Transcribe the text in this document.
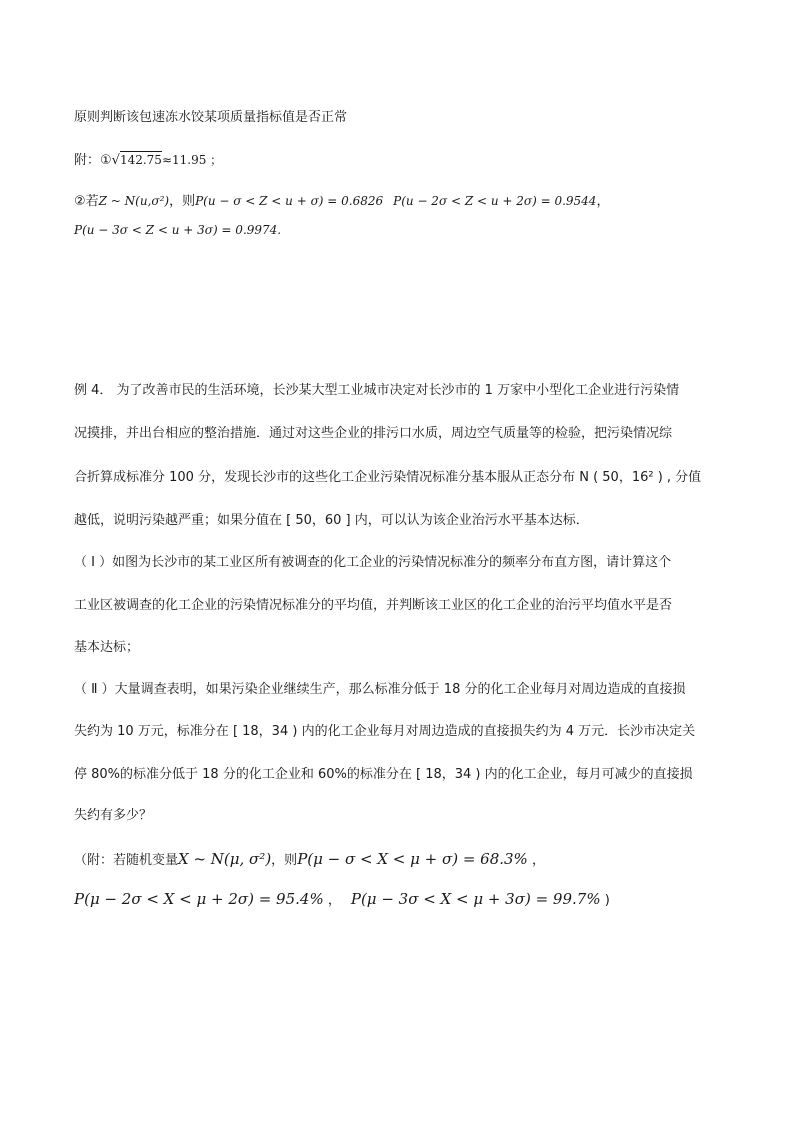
原则判断该包速冻水饺某项质量指标值是否正常
附：①√142.75≈11.95 ；
②若Z ~ N(u,σ²)，则P(u − σ < Z < u + σ) = 0.6826 P(u − 2σ < Z < u + 2σ) = 0.9544，
P(u − 3σ < Z < u + 3σ) = 0.9974.
例 4． 为了改善市民的生活环境，长沙某大型工业城市决定对长沙市的 1 万家中小型化工企业进行污染情
况摸排，并出台相应的整治措施．通过对这些企业的排污口水质，周边空气质量等的检验，把污染情况综
合折算成标准分 100 分，发现长沙市的这些化工企业污染情况标准分基本服从正态分布 N ( 50，16² ) , 分值
越低，说明污染越严重；如果分值在 [ 50，60 ] 内，可以认为该企业治污水平基本达标．
（ Ⅰ ）如图为长沙市的某工业区所有被调查的化工企业的污染情况标准分的频率分布直方图，请计算这个
工业区被调查的化工企业的污染情况标准分的平均值，并判断该工业区的化工企业的治污平均值水平是否
基本达标；
（ Ⅱ ）大量调查表明，如果污染企业继续生产，那么标准分低于 18 分的化工企业每月对周边造成的直接损
失约为 10 万元，标准分在 [ 18，34 ) 内的化工企业每月对周边造成的直接损失约为 4 万元．长沙市决定关
停 80%的标准分低于 18 分的化工企业和 60%的标准分在 [ 18，34 ) 内的化工企业，每月可减少的直接损
失约有多少？
（附：若随机变量X ~ N(μ, σ²)，则P(μ − σ < X < μ + σ) = 68.3% ，
P(μ − 2σ < X < μ + 2σ) = 95.4% ， P(μ − 3σ < X < μ + 3σ) = 99.7% )
